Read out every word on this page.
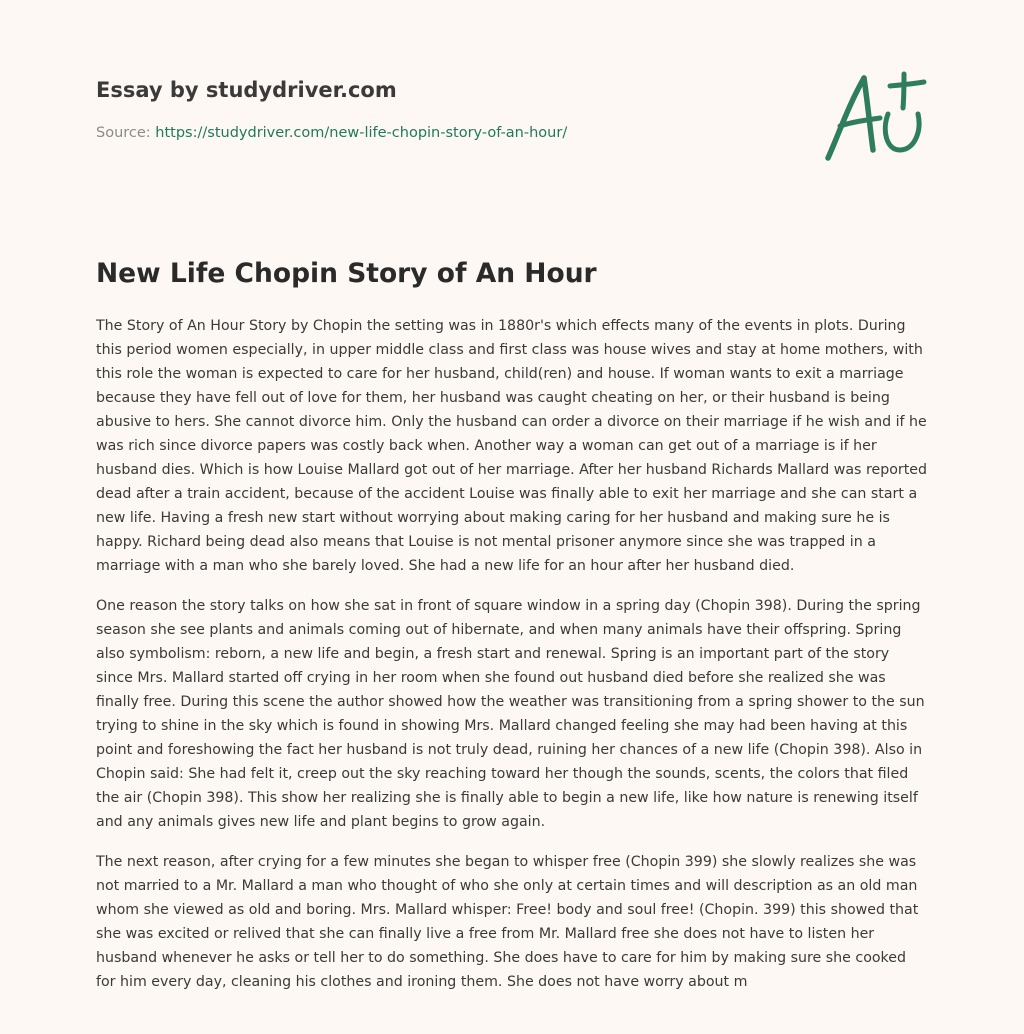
Essay by studydriver.com
Source: https://studydriver.com/new-life-chopin-story-of-an-hour/
New Life Chopin Story of An Hour

The Story of An Hour Story by Chopin the setting was in 1880r's which effects many of the events in plots. During this period women especially, in upper middle class and first class was house wives and stay at home mothers, with this role the woman is expected to care for her husband, child(ren) and house. If woman wants to exit a marriage because they have fell out of love for them, her husband was caught cheating on her, or their husband is being abusive to hers. She cannot divorce him. Only the husband can order a divorce on their marriage if he wish and if he was rich since divorce papers was costly back when. Another way a woman can get out of a marriage is if her husband dies. Which is how Louise Mallard got out of her marriage. After her husband Richards Mallard was reported dead after a train accident, because of the accident Louise was finally able to exit her marriage and she can start a new life. Having a fresh new start without worrying about making caring for her husband and making sure he is happy. Richard being dead also means that Louise is not mental prisoner anymore since she was trapped in a marriage with a man who she barely loved. She had a new life for an hour after her husband died.

One reason the story talks on how she sat in front of square window in a spring day (Chopin 398). During the spring season she see plants and animals coming out of hibernate, and when many animals have their offspring. Spring also symbolism: reborn, a new life and begin, a fresh start and renewal. Spring is an important part of the story since Mrs. Mallard started off crying in her room when she found out husband died before she realized she was finally free. During this scene the author showed how the weather was transitioning from a spring shower to the sun trying to shine in the sky which is found in showing Mrs. Mallard changed feeling she may had been having at this point and foreshowing the fact her husband is not truly dead, ruining her chances of a new life (Chopin 398). Also in Chopin said: She had felt it, creep out the sky reaching toward her though the sounds, scents, the colors that filed the air (Chopin 398). This show her realizing she is finally able to begin a new life, like how nature is renewing itself and any animals gives new life and plant begins to grow again.

The next reason, after crying for a few minutes she began to whisper free (Chopin 399) she slowly realizes she was not married to a Mr. Mallard a man who thought of who she only at certain times and will description as an old man whom she viewed as old and boring. Mrs. Mallard whisper: Free! body and soul free! (Chopin. 399) this showed that she was excited or relived that she can finally live a free from Mr. Mallard free she does not have to listen her husband whenever he asks or tell her to do something. She does have to care for him by making sure she cooked for him every day, cleaning his clothes and ironing them. She does not have worry about m
